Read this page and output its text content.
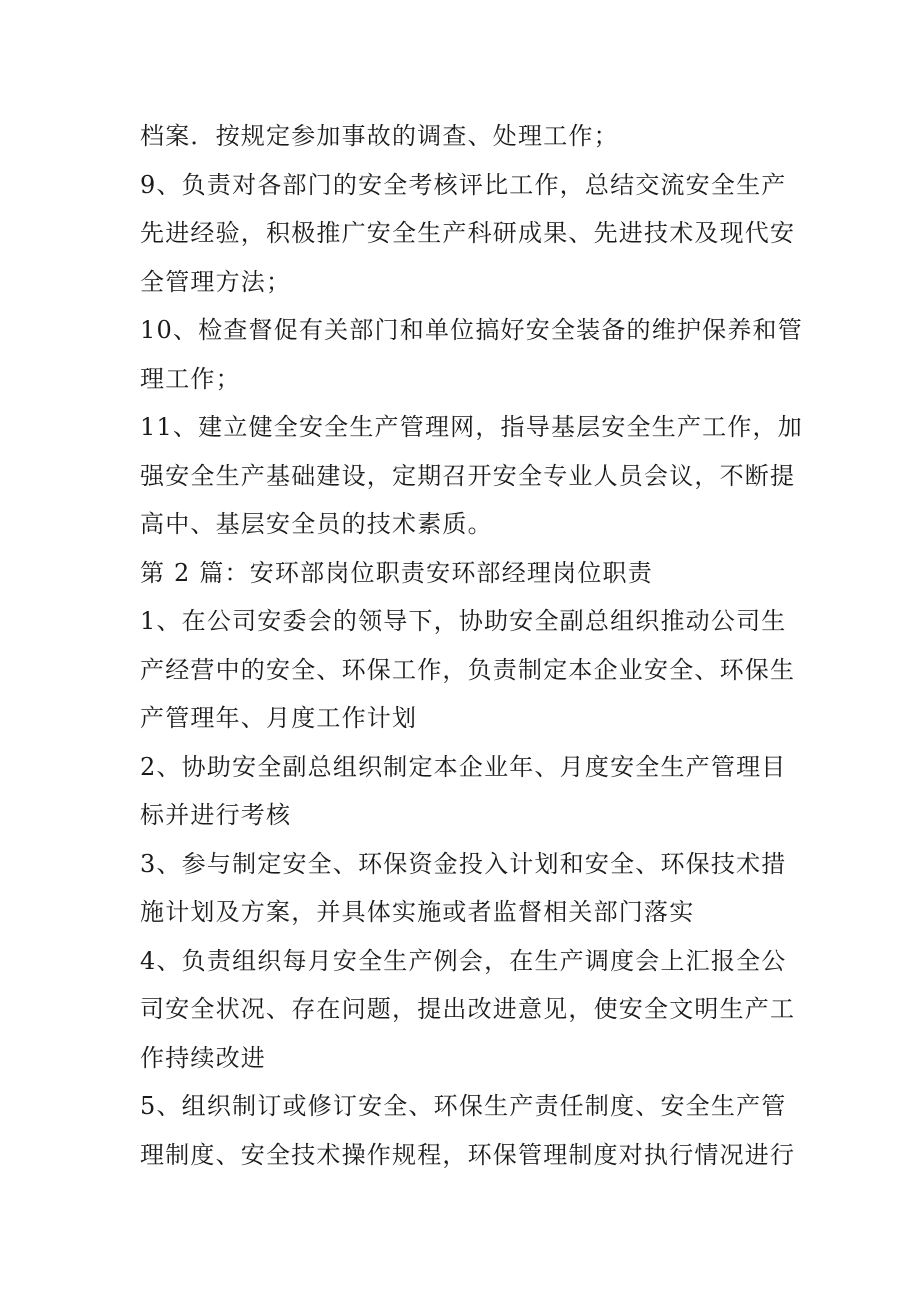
档案．按规定参加事故的调查、处理工作；
9、负责对各部门的安全考核评比工作，总结交流安全生产
先进经验，积极推广安全生产科研成果、先进技术及现代安
全管理方法；
10、检查督促有关部门和单位搞好安全装备的维护保养和管
理工作；
11、建立健全安全生产管理网，指导基层安全生产工作，加
强安全生产基础建设，定期召开安全专业人员会议，不断提
高中、基层安全员的技术素质。
第 2 篇：安环部岗位职责安环部经理岗位职责
1、在公司安委会的领导下，协助安全副总组织推动公司生
产经营中的安全、环保工作，负责制定本企业安全、环保生
产管理年、月度工作计划
2、协助安全副总组织制定本企业年、月度安全生产管理目
标并进行考核
3、参与制定安全、环保资金投入计划和安全、环保技术措
施计划及方案，并具体实施或者监督相关部门落实
4、负责组织每月安全生产例会，在生产调度会上汇报全公
司安全状况、存在问题，提出改进意见，使安全文明生产工
作持续改进
5、组织制订或修订安全、环保生产责任制度、安全生产管
理制度、安全技术操作规程，环保管理制度对执行情况进行
